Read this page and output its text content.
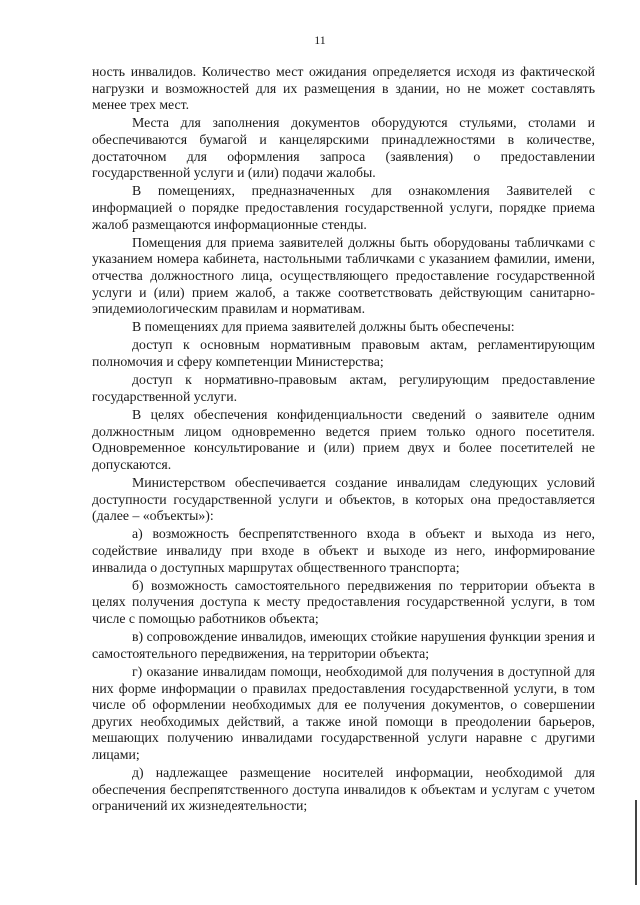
11

ность инвалидов. Количество мест ожидания определяется исходя из фактической нагрузки и возможностей для их размещения в здании, но не может составлять менее трех мест.

Места для заполнения документов оборудуются стульями, столами и обеспечиваются бумагой и канцелярскими принадлежностями в количестве, достаточном для оформления запроса (заявления) о предоставлении государственной услуги и (или) подачи жалобы.

В помещениях, предназначенных для ознакомления Заявителей с информацией о порядке предоставления государственной услуги, порядке приема жалоб размещаются информационные стенды.

Помещения для приема заявителей должны быть оборудованы табличками с указанием номера кабинета, настольными табличками с указанием фамилии, имени, отчества должностного лица, осуществляющего предоставление государственной услуги и (или) прием жалоб, а также соответствовать действующим санитарно-эпидемиологическим правилам и нормативам.

В помещениях для приема заявителей должны быть обеспечены:

доступ к основным нормативным правовым актам, регламентирующим полномочия и сферу компетенции Министерства;

доступ к нормативно-правовым актам, регулирующим предоставление государственной услуги.

В целях обеспечения конфиденциальности сведений о заявителе одним должностным лицом одновременно ведется прием только одного посетителя. Одновременное консультирование и (или) прием двух и более посетителей не допускаются.

Министерством обеспечивается создание инвалидам следующих условий доступности государственной услуги и объектов, в которых она предоставляется (далее – «объекты»):

а) возможность беспрепятственного входа в объект и выхода из него, содействие инвалиду при входе в объект и выходе из него, информирование инвалида о доступных маршрутах общественного транспорта;

б) возможность самостоятельного передвижения по территории объекта в целях получения доступа к месту предоставления государственной услуги, в том числе с помощью работников объекта;

в) сопровождение инвалидов, имеющих стойкие нарушения функции зрения и самостоятельного передвижения, на территории объекта;

г) оказание инвалидам помощи, необходимой для получения в доступной для них форме информации о правилах предоставления государственной услуги, в том числе об оформлении необходимых для ее получения документов, о совершении других необходимых действий, а также иной помощи в преодолении барьеров, мешающих получению инвалидами государственной услуги наравне с другими лицами;

д) надлежащее размещение носителей информации, необходимой для обеспечения беспрепятственного доступа инвалидов к объектам и услугам с учетом ограничений их жизнедеятельности;
